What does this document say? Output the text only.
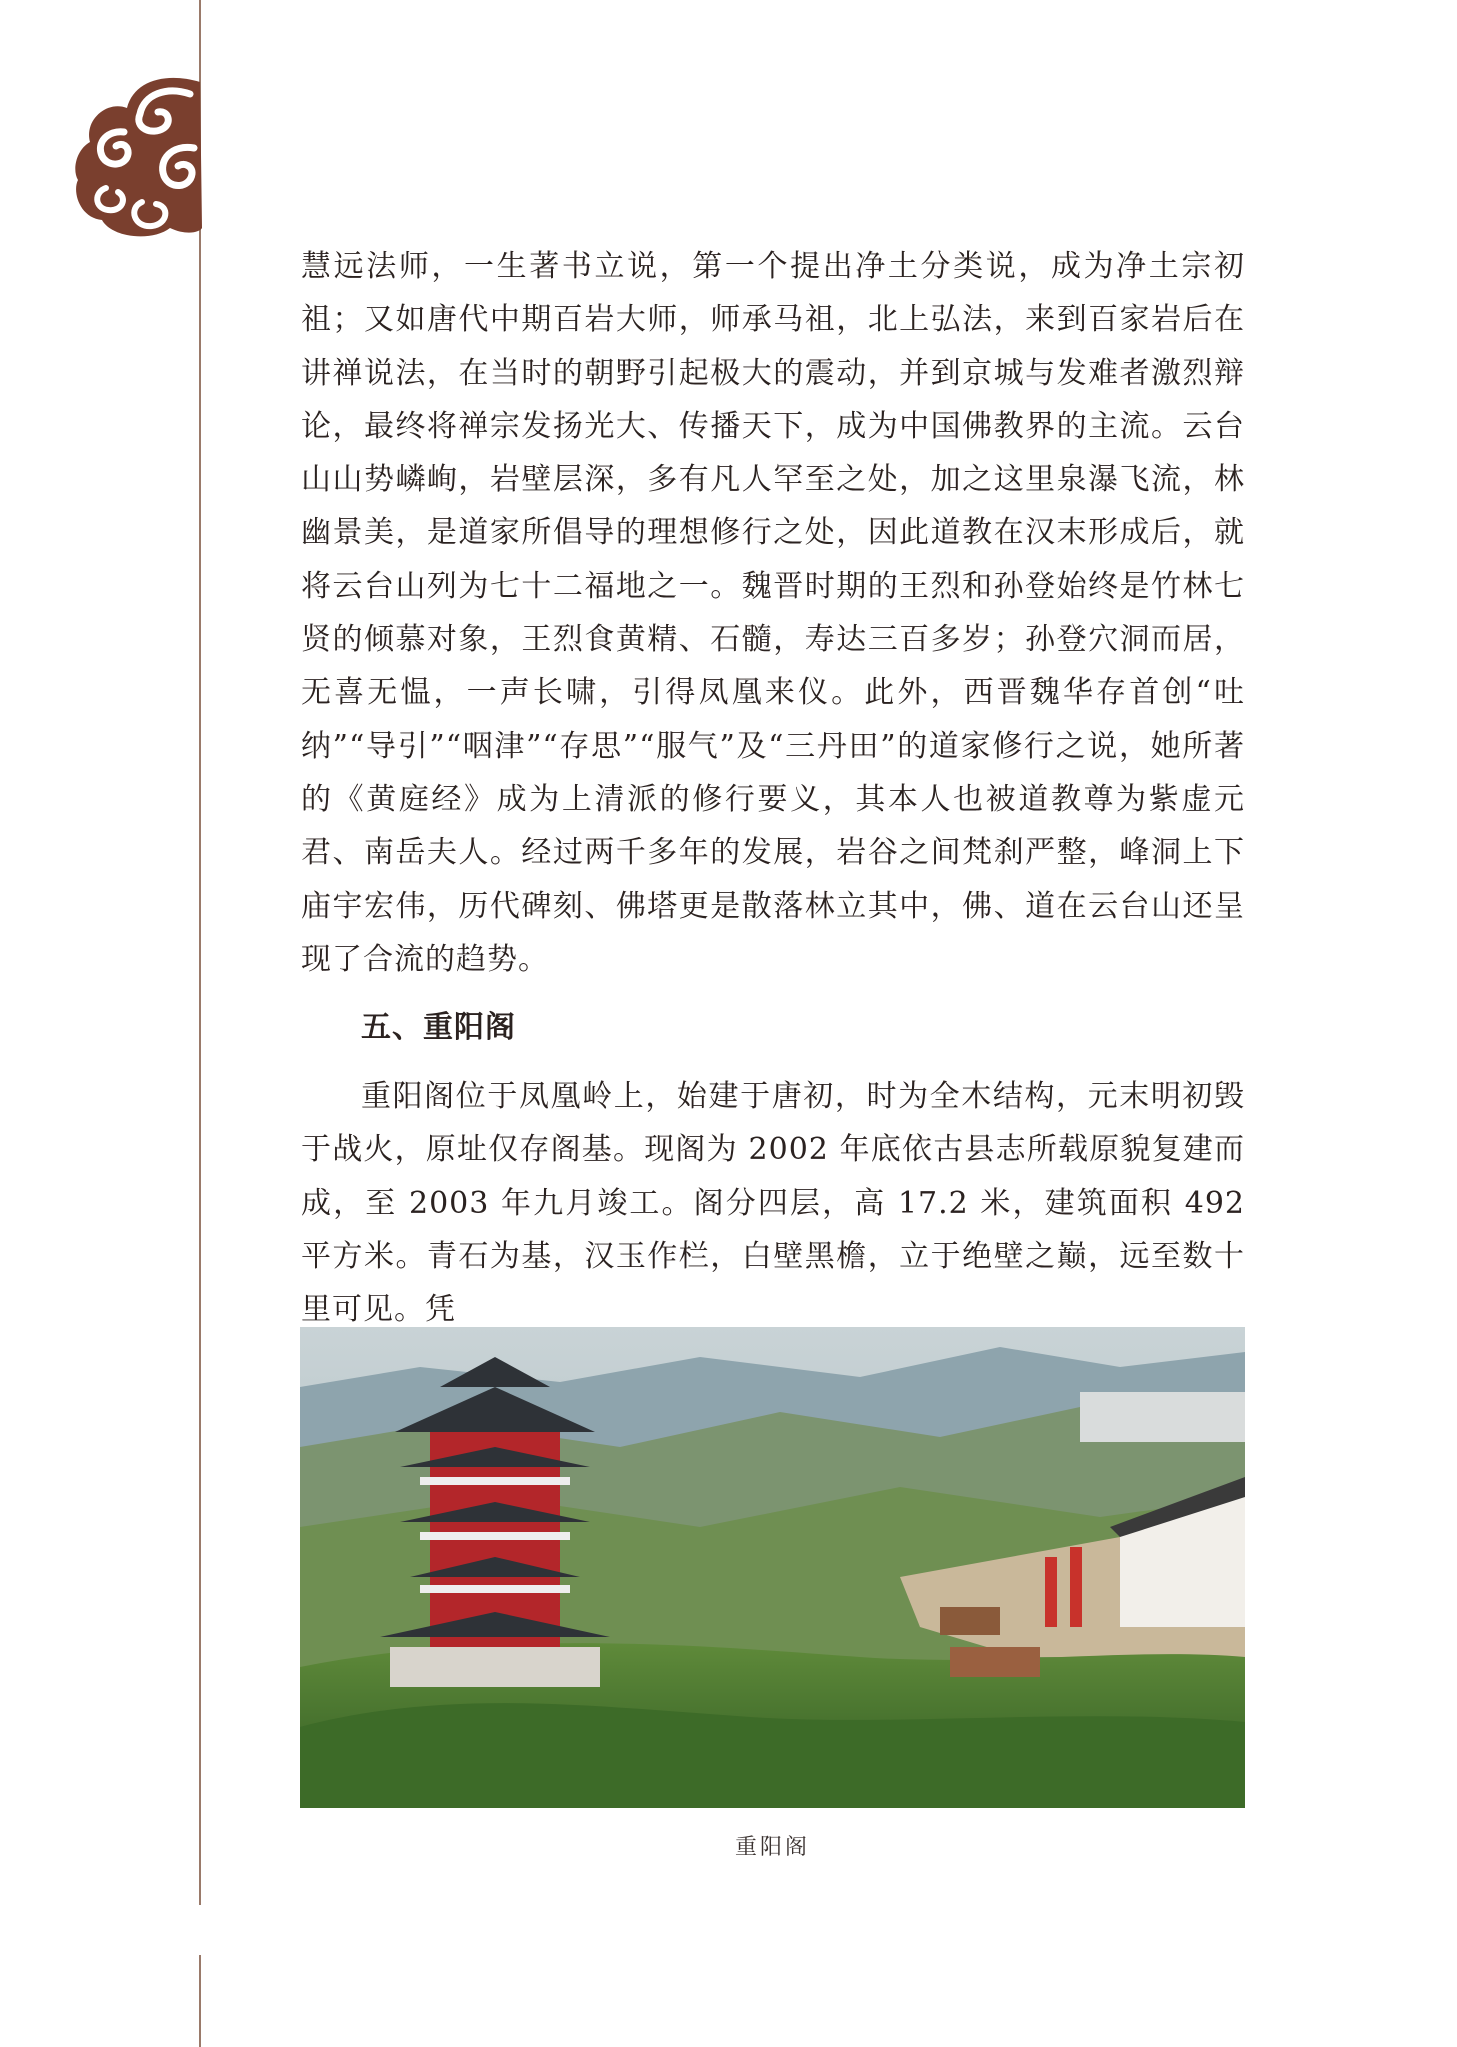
慧远法师，一生著书立说，第一个提出净土分类说，成为净土宗初祖；又如唐代中期百岩大师，师承马祖，北上弘法，来到百家岩后在讲禅说法，在当时的朝野引起极大的震动，并到京城与发难者激烈辩论，最终将禅宗发扬光大、传播天下，成为中国佛教界的主流。云台山山势嶙峋，岩壁层深，多有凡人罕至之处，加之这里泉瀑飞流，林幽景美，是道家所倡导的理想修行之处，因此道教在汉末形成后，就将云台山列为七十二福地之一。魏晋时期的王烈和孙登始终是竹林七贤的倾慕对象，王烈食黄精、石髓，寿达三百多岁；孙登穴洞而居，无喜无愠，一声长啸，引得凤凰来仪。此外，西晋魏华存首创“吐纳”“导引”“咽津”“存思”“服气”及“三丹田”的道家修行之说，她所著的《黄庭经》成为上清派的修行要义，其本人也被道教尊为紫虚元君、南岳夫人。经过两千多年的发展，岩谷之间梵刹严整，峰洞上下庙宇宏伟，历代碑刻、佛塔更是散落林立其中，佛、道在云台山还呈现了合流的趋势。

五、重阳阁

重阳阁位于凤凰岭上，始建于唐初，时为全木结构，元末明初毁于战火，原址仅存阁基。现阁为 2002 年底依古县志所载原貌复建而成，至 2003 年九月竣工。阁分四层，高 17.2 米，建筑面积 492 平方米。青石为基，汉玉作栏，白壁黑檐，立于绝壁之巅，远至数十里可见。凭

重阳阁
